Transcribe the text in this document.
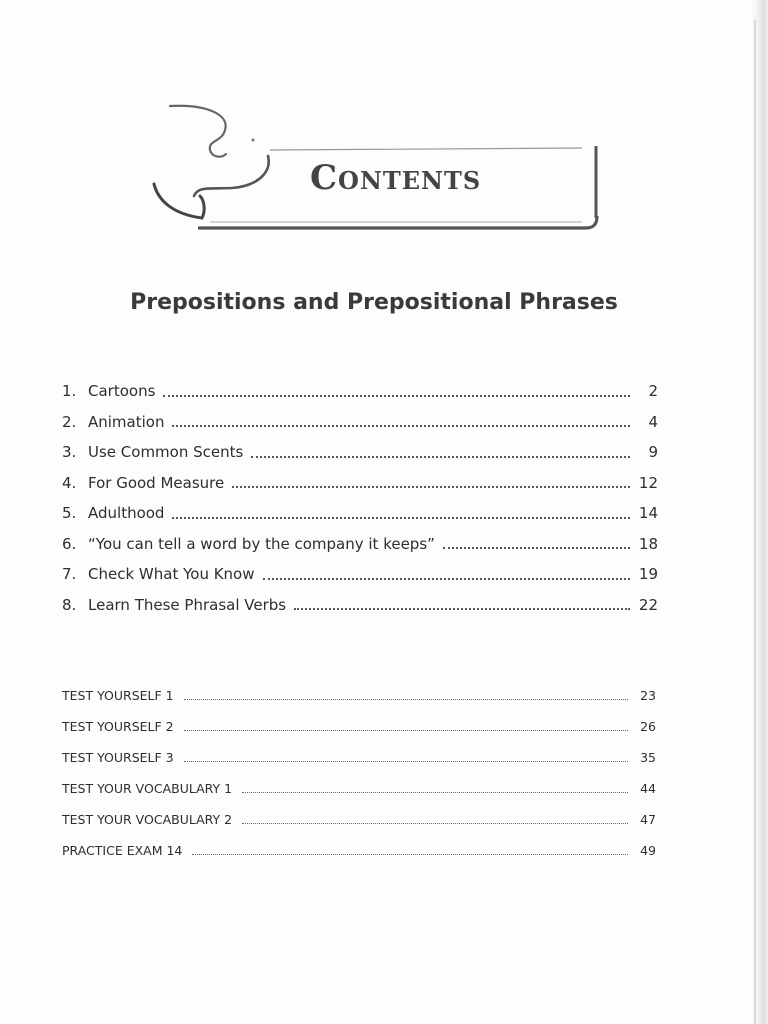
Contents
Prepositions and Prepositional Phrases
1. Cartoons	2
2. Animation	4
3. Use Common Scents	9
4. For Good Measure	12
5. Adulthood	14
6. “You can tell a word by the company it keeps”	18
7. Check What You Know	19
8. Learn These Phrasal Verbs	22
TEST YOURSELF 1	23
TEST YOURSELF 2	26
TEST YOURSELF 3	35
TEST YOUR VOCABULARY 1	44
TEST YOUR VOCABULARY 2	47
PRACTICE EXAM 14	49
